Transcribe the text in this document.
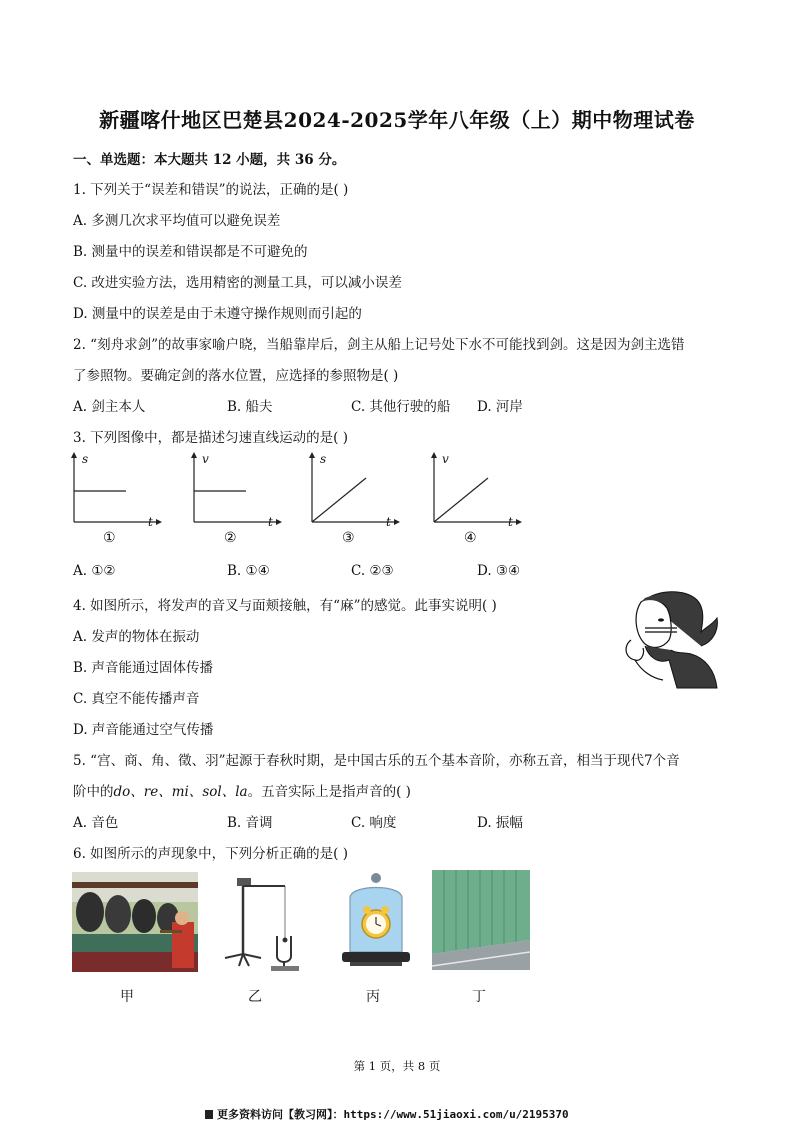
新疆喀什地区巴楚县2024-2025学年八年级（上）期中物理试卷
一、单选题：本大题共 12 小题，共 36 分。
1. 下列关于“误差和错误”的说法，正确的是( )
A. 多测几次求平均值可以避免误差
B. 测量中的误差和错误都是不可避免的
C. 改进实验方法，选用精密的测量工具，可以减小误差
D. 测量中的误差是由于未遵守操作规则而引起的
2. “刻舟求剑”的故事家喻户晓，当船靠岸后，剑主从船上记号处下水不可能找到剑。这是因为剑主选错
了参照物。要确定剑的落水位置，应选择的参照物是( )
A. 剑主本人	B. 船夫	C. 其他行驶的船 D. 河岸
3. 下列图像中，都是描述匀速直线运动的是( )
s
t
①
v
t
②
s
t
③
v
t
④
A. ①②	B. ①④	C. ②③	D. ③④
4. 如图所示，将发声的音叉与面颊接触，有“麻”的感觉。此事实说明( )
A. 发声的物体在振动
B. 声音能通过固体传播
C. 真空不能传播声音
D. 声音能通过空气传播
5. “宫、商、角、徵、羽”起源于春秋时期，是中国古乐的五个基本音阶，亦称五音，相当于现代7个音
阶中的do、re、mi、sol、la。五音实际上是指声音的( )
A. 音色	B. 音调	C. 响度	D. 振幅
6. 如图所示的声现象中，下列分析正确的是( )
甲	乙	丙	丁
第 1 页，共 8 页
更多资料访问【教习网】：https://www.51jiaoxi.com/u/2195370
